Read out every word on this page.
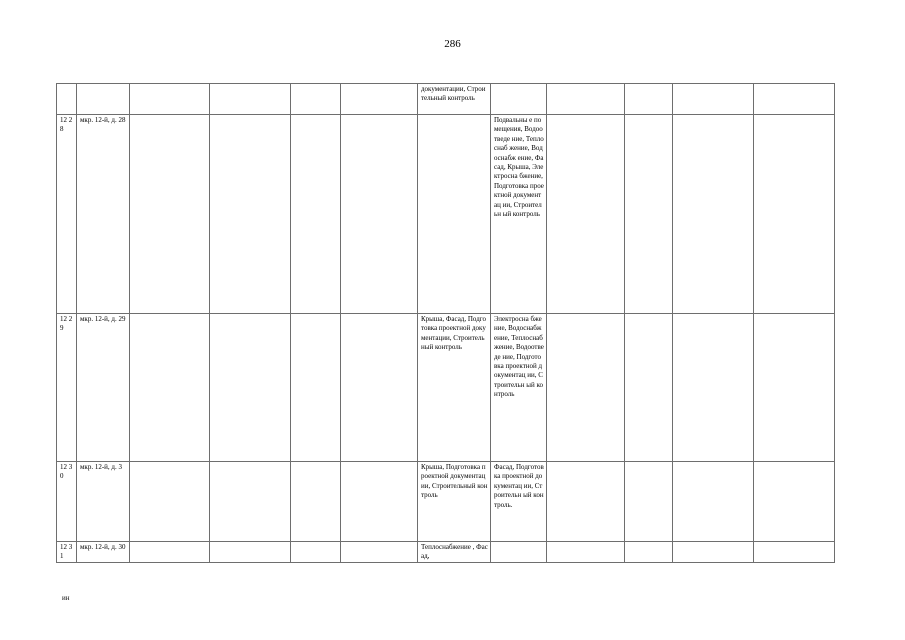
286
						документации, Строительный контроль					
12 28	мкр. 12-й, д. 28						Подвальны е помещения, Водоотведе ние, Теплоснаб жение, Водоснабж ение, Фасад, Крыша, Электросна бжение, Подготовка проектной документац ии, Строительн ый контроль				
12 29	мкр. 12-й, д. 29					Крыша, Фасад, Подготовка проектной документации, Строительный контроль	Электросна бжение, Водоснабж ение, Теплоснаб жение, Водоотведе ние, Подготовка проектной документац ии, Строительн ый контроль				
12 30	мкр. 12-й, д. 3					Крыша, Подготовка проектной документации, Строительный контроль	Фасад, Подготовка проектной документац ии, Строительн ый контроль.				
12 31	мкр. 12-й, д. 30					Теплоснабжение , Фасад,					
ин
